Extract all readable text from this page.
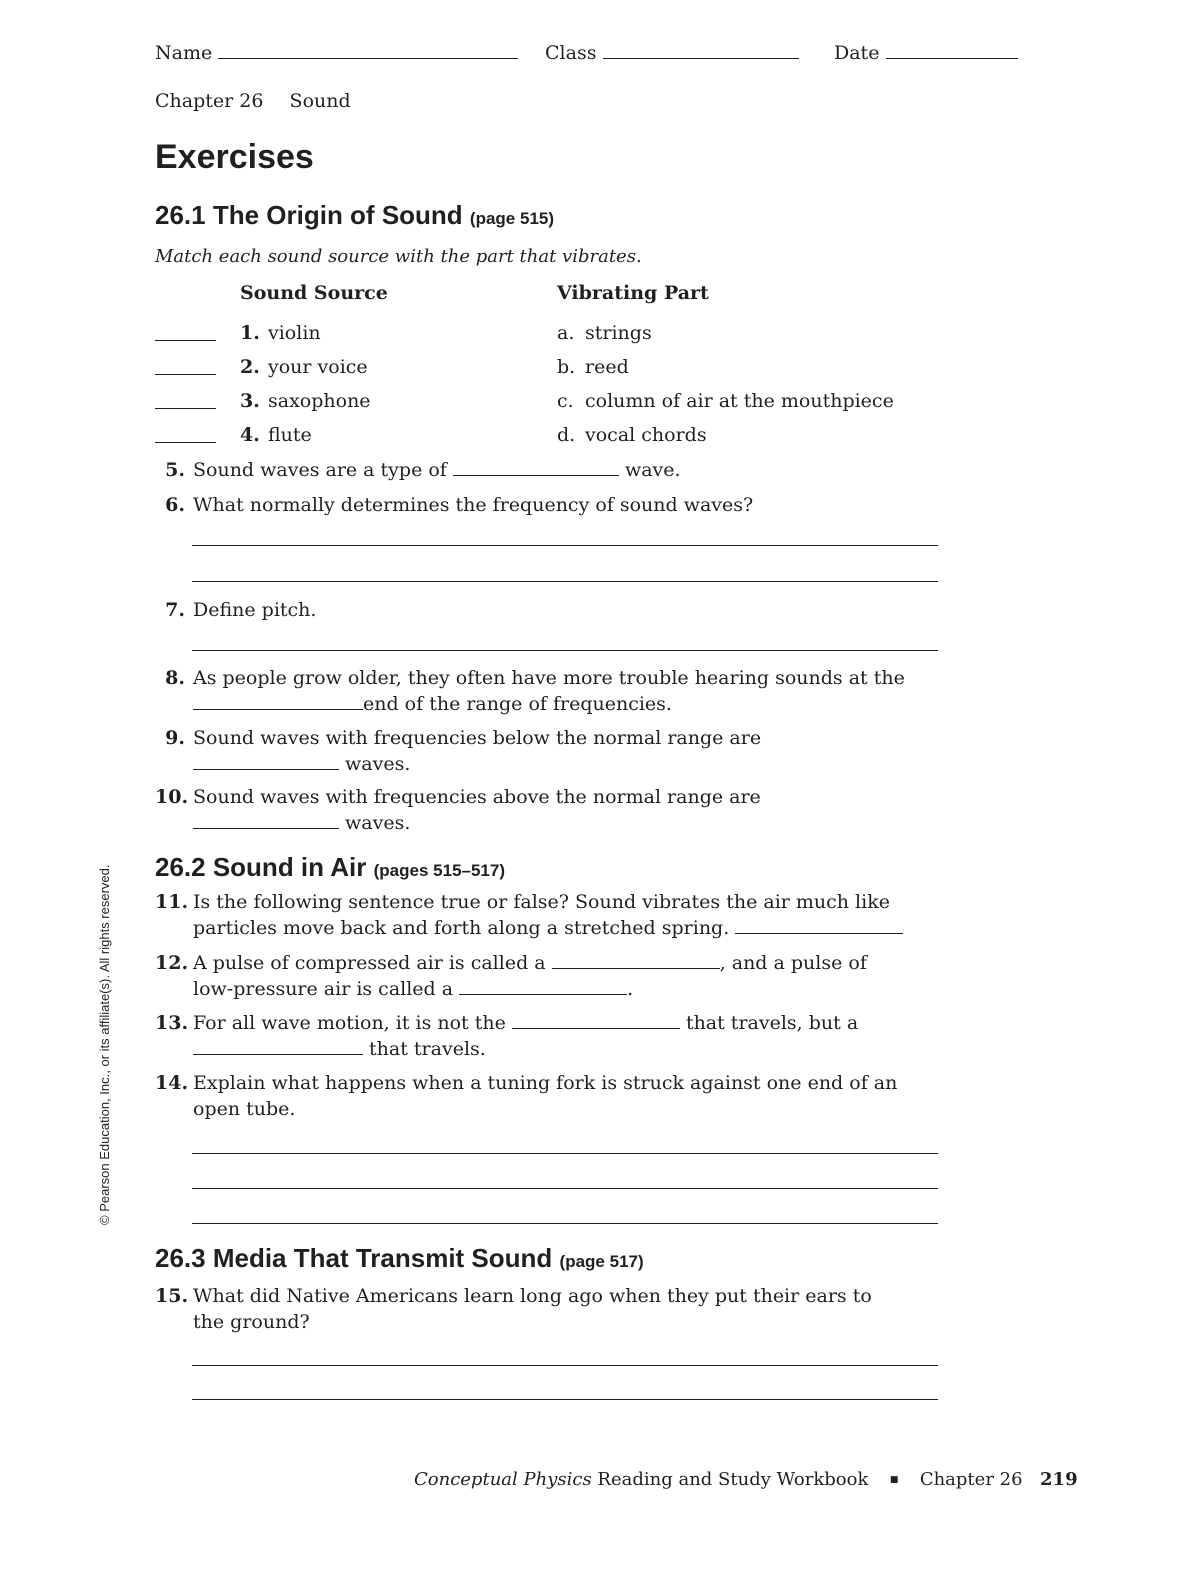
Name	Class	Date
Chapter 26 Sound
Exercises
26.1 The Origin of Sound (page 515)
Match each sound source with the part that vibrates.
Sound Source	Vibrating Part
1. violin	a. strings
2. your voice	b. reed
3. saxophone	c. column of air at the mouthpiece
4. flute	d. vocal chords
5. Sound waves are a type of	wave.
6. What normally determines the frequency of sound waves?
7. Define pitch.
8. As people grow older, they often have more trouble hearing sounds at the
end of the range of frequencies.
9. Sound waves with frequencies below the normal range are
waves.
10. Sound waves with frequencies above the normal range are
waves.
26.2 Sound in Air (pages 515–517)
11. Is the following sentence true or false? Sound vibrates the air much like
particles move back and forth along a stretched spring.
12. A pulse of compressed air is called a	, and a pulse of
low-pressure air is called a	.
13. For all wave motion, it is not the	that travels, but a
that travels.
14. Explain what happens when a tuning fork is struck against one end of an
open tube.
26.3 Media That Transmit Sound (page 517)
15. What did Native Americans learn long ago when they put their ears to
the ground?
© Pearson Education, Inc., or its affiliate(s). All rights reserved.
Conceptual Physics Reading and Study Workbook ■ Chapter 26 219
